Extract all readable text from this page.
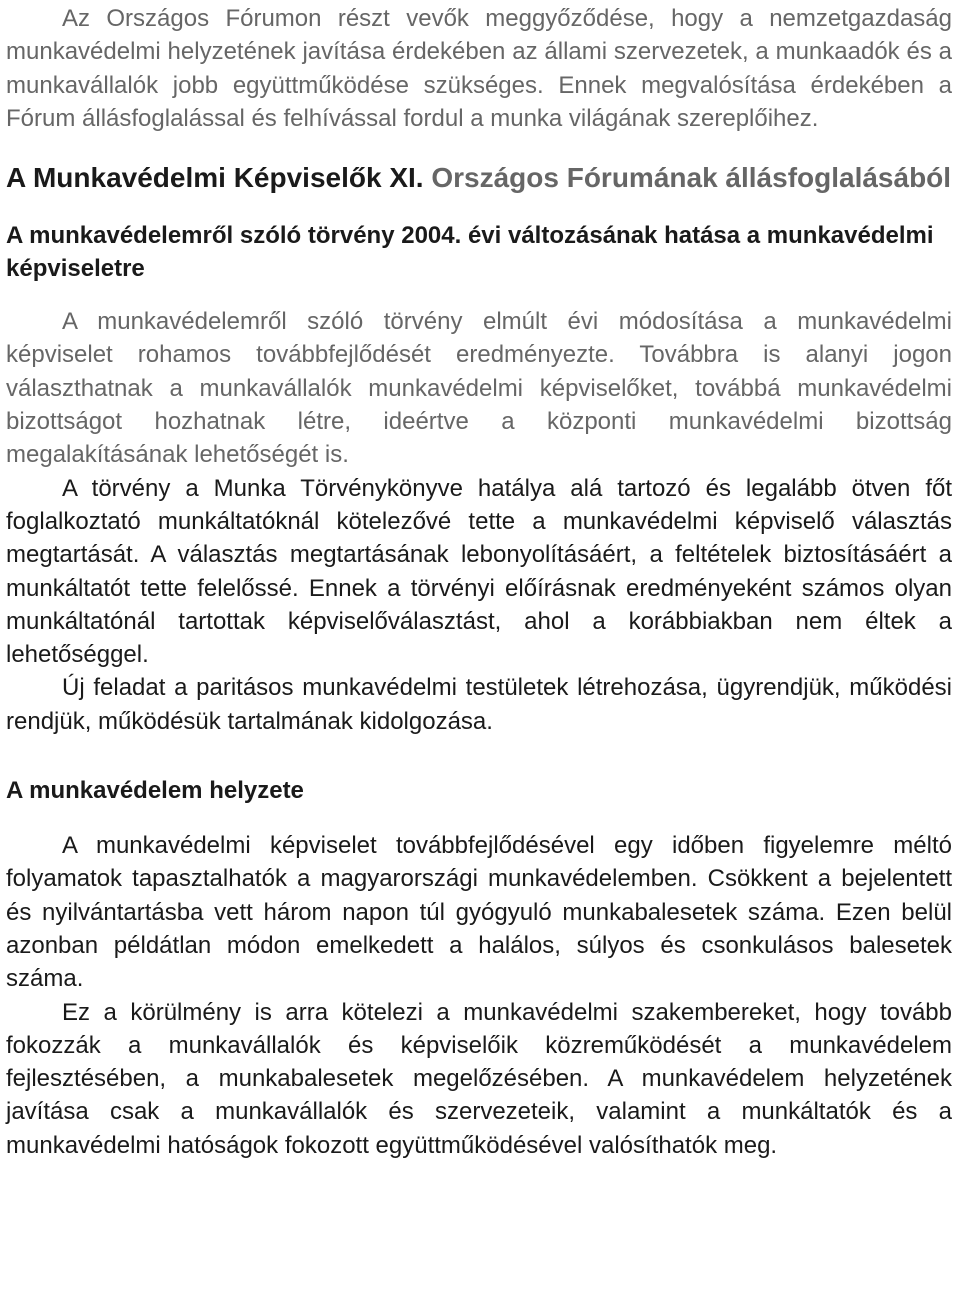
Az Országos Fórumon részt vevők meggyőződése, hogy a nemzetgazdaság munkavédelmi helyzetének javítása érdekében az állami szervezetek, a munkaadók és a munkavállalók jobb együttműködése szükséges. Ennek megvalósítása érdekében a Fórum állásfoglalással és felhívással fordul a munka világának szereplőihez.

A Munkavédelmi Képviselők XI. Országos Fórumának állásfoglalásából
A munkavédelemről szóló törvény 2004. évi változásának hatása a munkavédelmi képviseletre

A munkavédelemről szóló törvény elmúlt évi módosítása a munkavédelmi képviselet rohamos továbbfejlődését eredményezte. Továbbra is alanyi jogon választhatnak a munkavállalók munkavédelmi képviselőket, továbbá munkavédelmi bizottságot hozhatnak létre, ideértve a központi munkavédelmi bizottság megalakításának lehetőségét is.

A törvény a Munka Törvénykönyve hatálya alá tartozó és legalább ötven főt foglalkoztató munkáltatóknál kötelezővé tette a munkavédelmi képviselő választás megtartását. A választás megtartásának lebonyolításáért, a feltételek biztosításáért a munkáltatót tette felelőssé. Ennek a törvényi előírásnak eredményeként számos olyan munkáltatónál tartottak képviselőválasztást, ahol a korábbiakban nem éltek a lehetőséggel.

Új feladat a paritásos munkavédelmi testületek létrehozása, ügyrendjük, működési rendjük, működésük tartalmának kidolgozása.

A munkavédelem helyzete

A munkavédelmi képviselet továbbfejlődésével egy időben figyelemre méltó folyamatok tapasztalhatók a magyarországi munkavédelemben. Csökkent a bejelentett és nyilvántartásba vett három napon túl gyógyuló munkabalesetek száma. Ezen belül azonban példátlan módon emelkedett a halálos, súlyos és csonkulásos balesetek száma.

Ez a körülmény is arra kötelezi a munkavédelmi szakembereket, hogy tovább fokozzák a munkavállalók és képviselőik közreműködését a munkavédelem fejlesztésében, a munkabalesetek megelőzésében. A munkavédelem helyzetének javítása csak a munkavállalók és szervezeteik, valamint a munkáltatók és a munkavédelmi hatóságok fokozott együttműködésével valósíthatók meg.
